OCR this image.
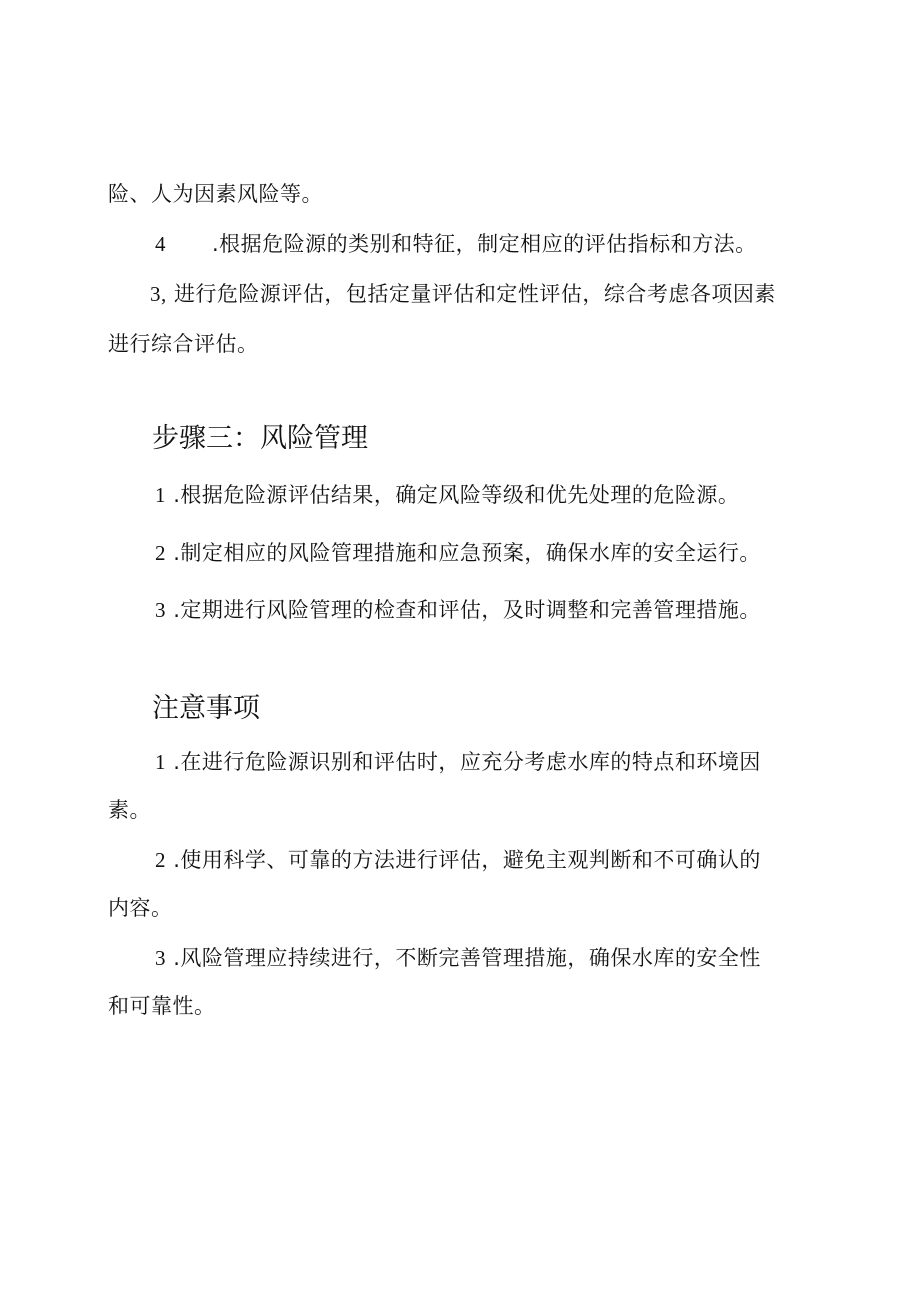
险、人为因素风险等。
4 .根据危险源的类别和特征，制定相应的评估指标和方法。
3, 进行危险源评估，包括定量评估和定性评估，综合考虑各项因素
进行综合评估。
步骤三：风险管理
1 .根据危险源评估结果，确定风险等级和优先处理的危险源。
2 .制定相应的风险管理措施和应急预案，确保水库的安全运行。
3 .定期进行风险管理的检查和评估，及时调整和完善管理措施。
注意事项
1 .在进行危险源识别和评估时，应充分考虑水库的特点和环境因
素。
2 .使用科学、可靠的方法进行评估，避免主观判断和不可确认的
内容。
3 .风险管理应持续进行，不断完善管理措施，确保水库的安全性
和可靠性。
